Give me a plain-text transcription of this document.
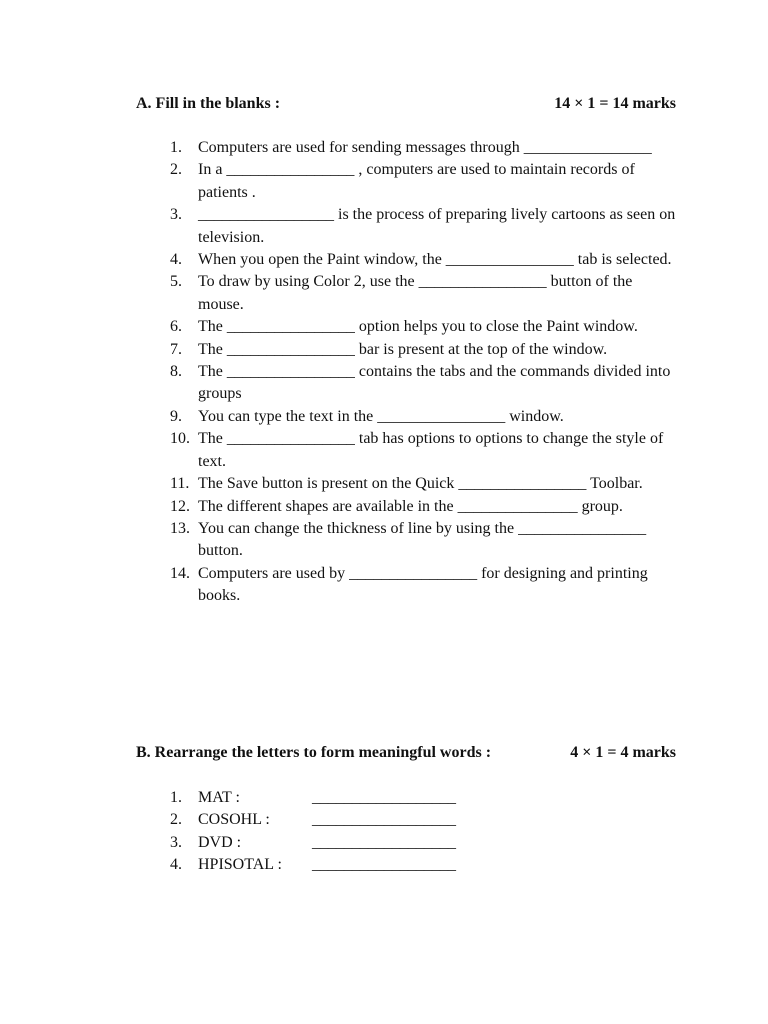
A. Fill in the blanks :	14 × 1 = 14 marks
1. Computers are used for sending messages through ________________
2. In a ________________ , computers are used to maintain records of patients .
3. _________________ is the process of preparing lively cartoons as seen on television.
4. When you open the Paint window, the ________________ tab is selected.
5. To draw by using Color 2, use the ________________ button of the mouse.
6. The ________________ option helps you to close the Paint window.
7. The ________________ bar is present at the top of the window.
8. The ________________ contains the tabs and the commands divided into groups
9. You can type the text in the ________________ window.
10. The ________________ tab has options to options to change the style of text.
11. The Save button is present on the Quick ________________ Toolbar.
12. The different shapes are available in the _______________ group.
13. You can change the thickness of line by using the ________________ button.
14. Computers are used by ________________ for designing and printing books.
B. Rearrange the letters to form meaningful words :	4 × 1 = 4 marks
1. MAT :	__________________
2. COSOHL :	__________________
3. DVD :	__________________
4. HPISOTAL :	__________________
